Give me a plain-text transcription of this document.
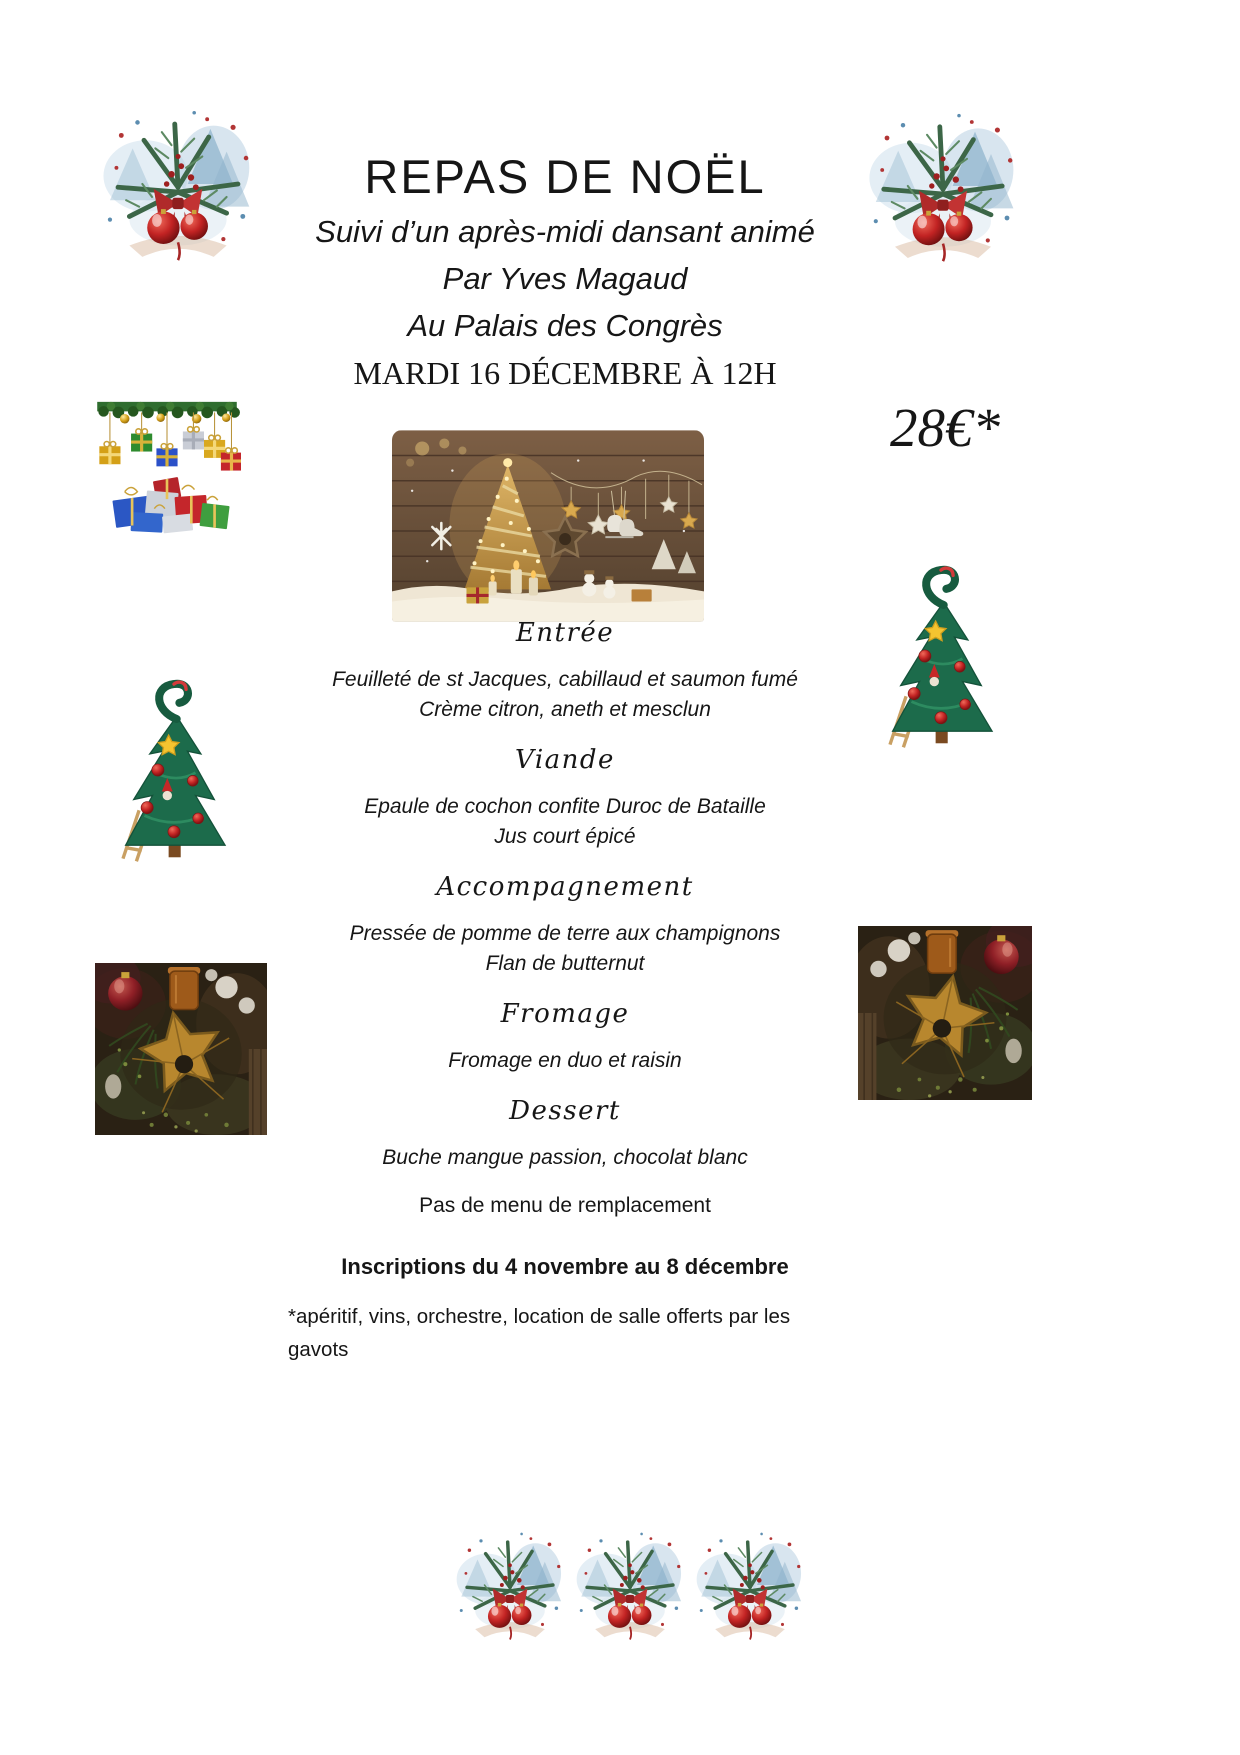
REPAS DE NOËL
Suivi d’un après-midi dansant animé
Par Yves Magaud
Au Palais des Congrès
MARDI 16 DÉCEMBRE À 12H
28€*
Entrée
Feuilleté de st Jacques, cabillaud et saumon fumé
Crème citron, aneth et mesclun
Viande
Epaule de cochon confite Duroc de Bataille
Jus court épicé
Accompagnement
Pressée de pomme de terre aux champignons
Flan de butternut
Fromage
Fromage en duo et raisin
Dessert
Buche mangue passion, chocolat blanc
Pas de menu de remplacement
Inscriptions du 4 novembre au 8 décembre
*apéritif, vins, orchestre, location de salle offerts par les
gavots
